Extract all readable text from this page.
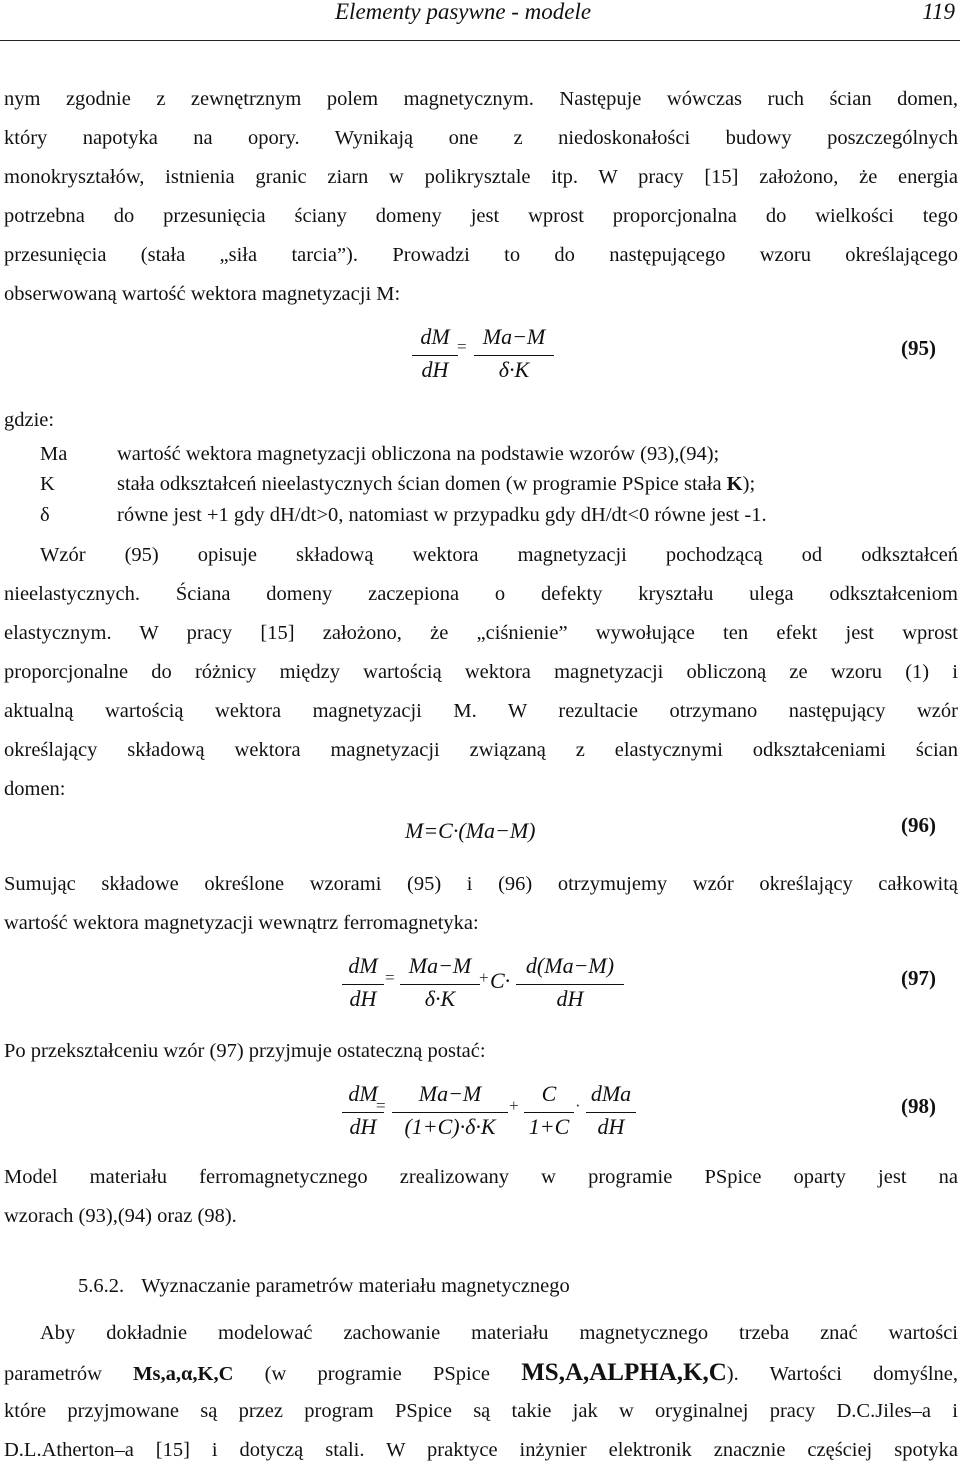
Elementy pasywne - modele	119
nym zgodnie z zewnętrznym polem magnetycznym. Następuje wówczas ruch ścian domen,
który napotyka na opory. Wynikają one z niedoskonałości budowy poszczególnych
monokryształów, istnienia granic ziarn w polikrysztale itp. W pracy [15] założono, że energia
potrzebna do przesunięcia ściany domeny jest wprost proporcjonalna do wielkości tego
przesunięcia (stała „siła tarcia”). Prowadzi to do następującego wzoru określającego
obserwowaną wartość wektora magnetyzacji M:
dM
dH
= Ma−M
δ·K
(95)
gdzie:
Ma wartość wektora magnetyzacji obliczona na podstawie wzorów (93),(94);
K	stała odkształceń nieelastycznych ścian domen (w programie PSpice stała K);
δ	równe jest +1 gdy dH/dt>0, natomiast w przypadku gdy dH/dt<0 równe jest -1.
Wzór (95) opisuje składową wektora magnetyzacji pochodzącą od odkształceń
nieelastycznych. Ściana domeny zaczepiona o defekty kryształu ulega odkształceniom
elastycznym. W pracy [15] założono, że „ciśnienie” wywołujące ten efekt jest wprost
proporcjonalne do różnicy między wartością wektora magnetyzacji obliczoną ze wzoru (1) i
aktualną wartością wektora magnetyzacji M. W rezultacie otrzymano następujący wzór
określający składową wektora magnetyzacji związaną z elastycznymi odkształceniami ścian
domen:
M=C·(Ma−M)	(96)
Sumując składowe określone wzorami (95) i (96) otrzymujemy wzór określający całkowitą
wartość wektora magnetyzacji wewnątrz ferromagnetyka:
dM
dH
= Ma−M
δ·K
+ C·
d(Ma−M)
dH
(97)
Po przekształceniu wzór (97) przyjmuje ostateczną postać:
dM
dH
=	Ma−M
(1+C)·δ·K
+	C
1+C
· dMa
dH
(98)
Model materiału ferromagnetycznego zrealizowany w programie PSpice oparty jest na
wzorach (93),(94) oraz (98).
5.6.2. Wyznaczanie parametrów materiału magnetycznego
Aby dokładnie modelować zachowanie materiału magnetycznego trzeba znać wartości
parametrów Ms,a,α,K,C (w programie PSpice MS,A,ALPHA,K,C). Wartości domyślne,
które przyjmowane są przez program PSpice są takie jak w oryginalnej pracy D.C.Jiles–a i
D.L.Atherton–a [15] i dotyczą stali. W praktyce inżynier elektronik znacznie częściej spotyka
